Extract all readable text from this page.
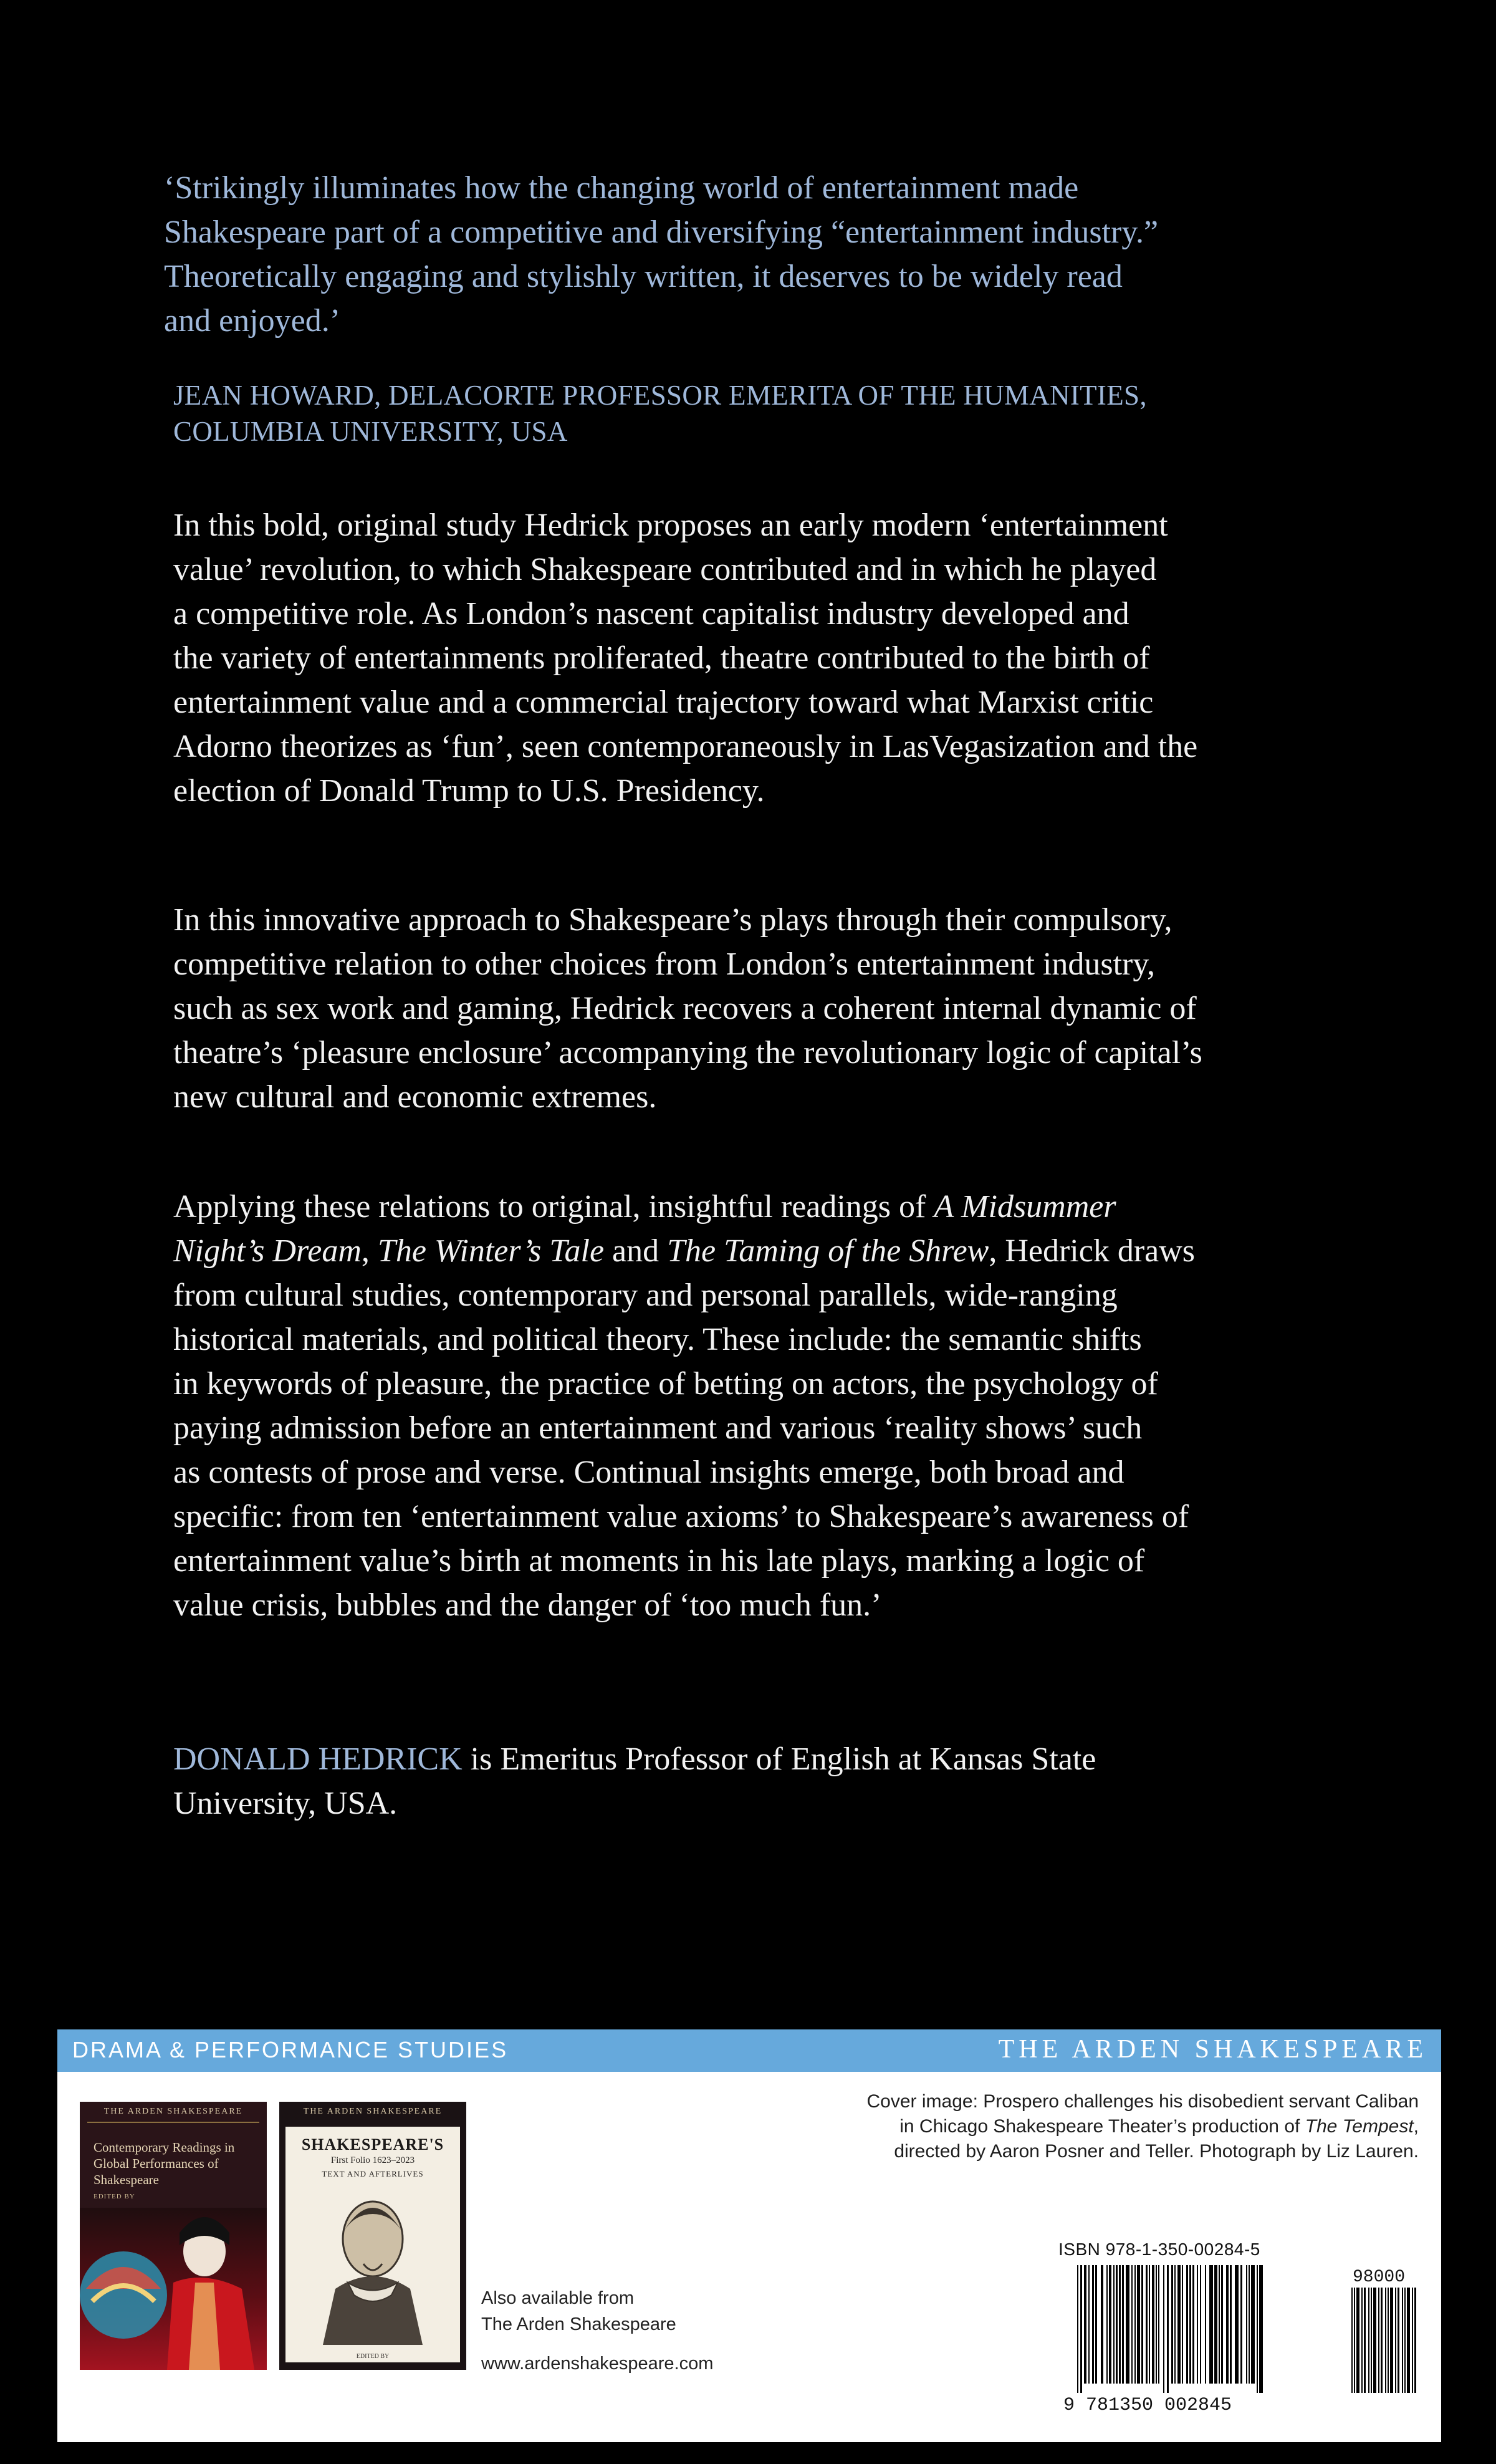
‘Strikingly illuminates how the changing world of entertainment made
Shakespeare part of a competitive and diversifying “entertainment industry.”
Theoretically engaging and stylishly written, it deserves to be widely read
and enjoyed.’
JEAN HOWARD, DELACORTE PROFESSOR EMERITA OF THE HUMANITIES,
COLUMBIA UNIVERSITY, USA
In this bold, original study Hedrick proposes an early modern ‘entertainment
value’ revolution, to which Shakespeare contributed and in which he played
a competitive role. As London’s nascent capitalist industry developed and
the variety of entertainments proliferated, theatre contributed to the birth of
entertainment value and a commercial trajectory toward what Marxist critic
Adorno theorizes as ‘fun’, seen contemporaneously in LasVegasization and the
election of Donald Trump to U.S. Presidency.
In this innovative approach to Shakespeare’s plays through their compulsory,
competitive relation to other choices from London’s entertainment industry,
such as sex work and gaming, Hedrick recovers a coherent internal dynamic of
theatre’s ‘pleasure enclosure’ accompanying the revolutionary logic of capital’s
new cultural and economic extremes.
Applying these relations to original, insightful readings of A Midsummer
Night’s Dream, The Winter’s Tale and The Taming of the Shrew, Hedrick draws
from cultural studies, contemporary and personal parallels, wide-ranging
historical materials, and political theory. These include: the semantic shifts
in keywords of pleasure, the practice of betting on actors, the psychology of
paying admission before an entertainment and various ‘reality shows’ such
as contests of prose and verse. Continual insights emerge, both broad and
specific: from ten ‘entertainment value axioms’ to Shakespeare’s awareness of
entertainment value’s birth at moments in his late plays, marking a logic of
value crisis, bubbles and the danger of ‘too much fun.’
DONALD HEDRICK is Emeritus Professor of English at Kansas State
University, USA.
DRAMA & PERFORMANCE STUDIES	THE ARDEN SHAKESPEARE
THE ARDEN SHAKESPEARE
Contemporary Readings in Global Performances of Shakespeare
EDITED BY
THE ARDEN SHAKESPEARE
SHAKESPEARE'S
First Folio 1623–2023
TEXT AND AFTERLIVES
EDITED BY
Also available from
The Arden Shakespeare
www.ardenshakespeare.com
Cover image: Prospero challenges his disobedient servant Caliban
in Chicago Shakespeare Theater’s production of The Tempest,
directed by Aaron Posner and Teller. Photograph by Liz Lauren.
ISBN 978-1-350-00284-5
9 781350 002845
98000
